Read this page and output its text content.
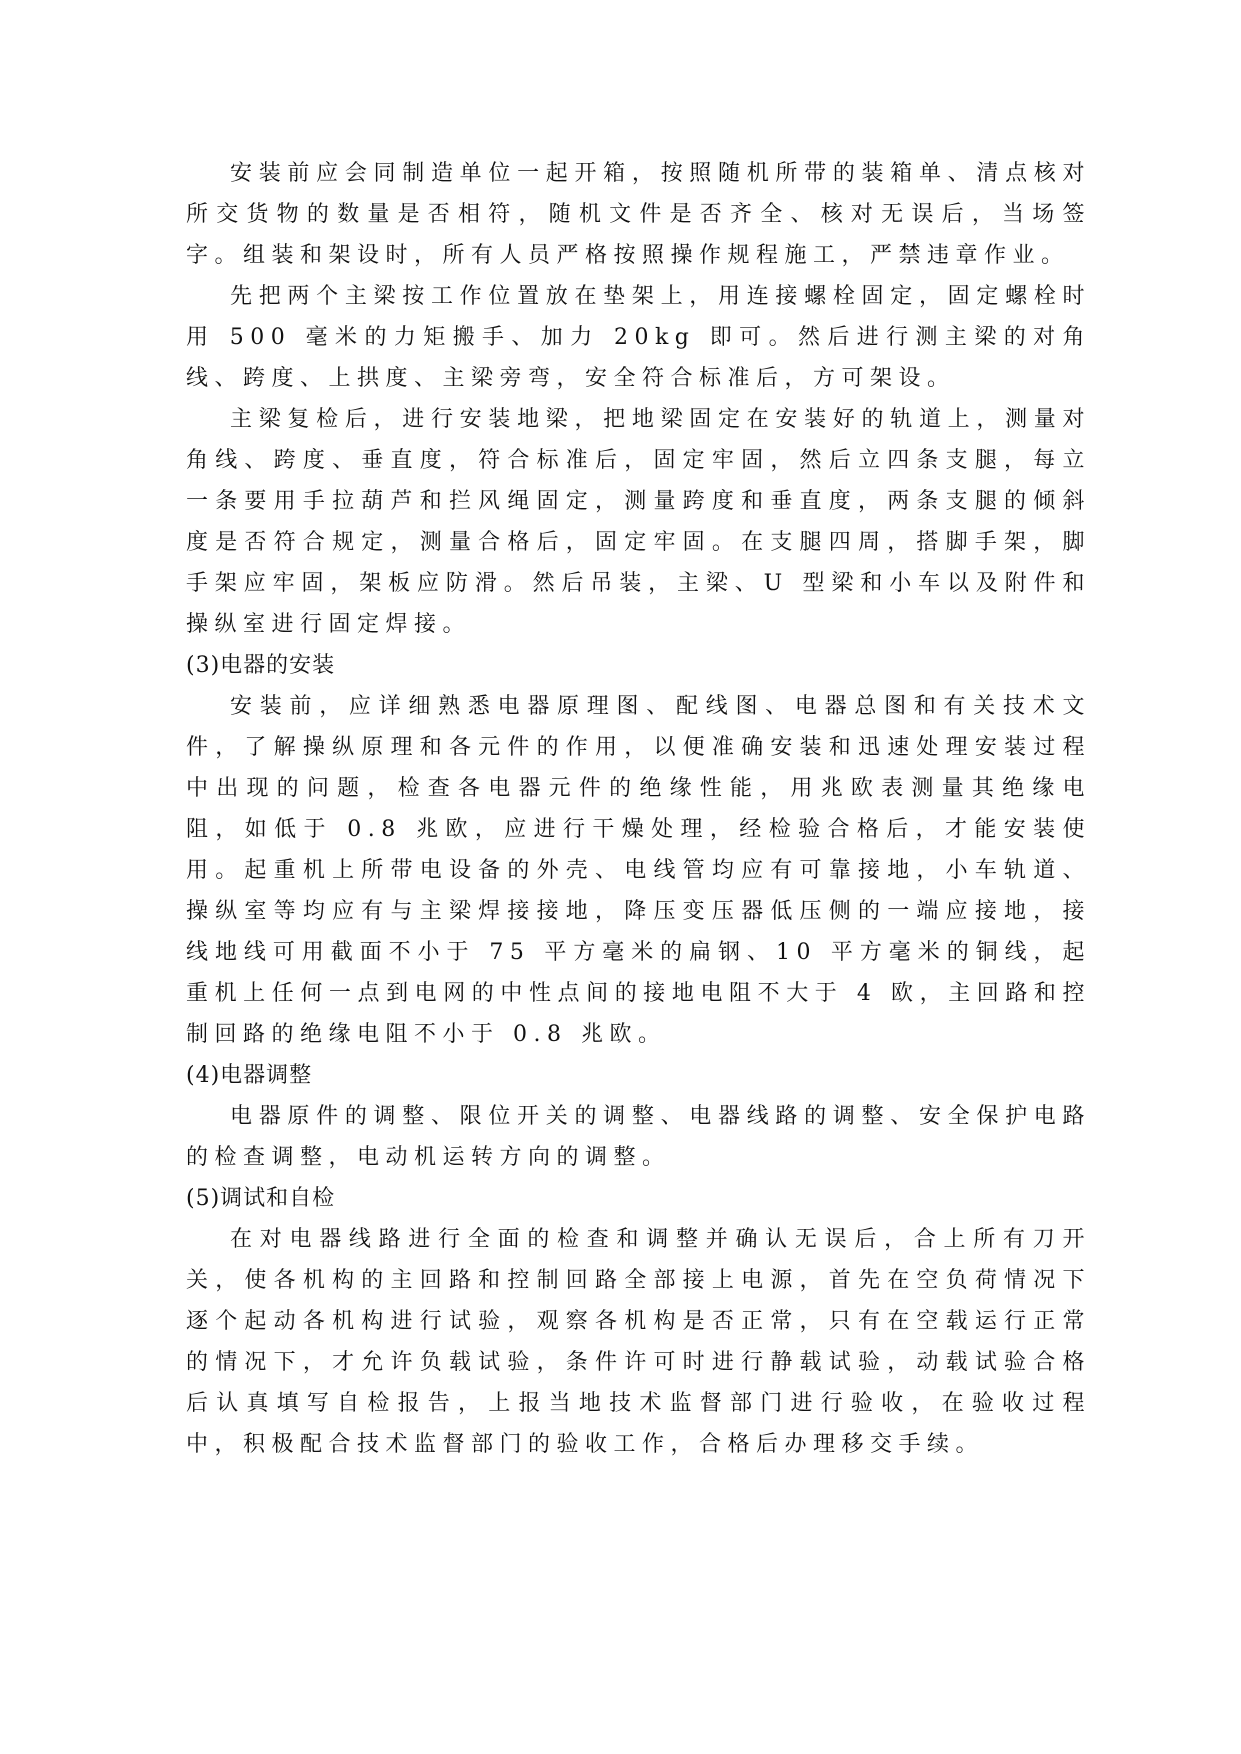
安装前应会同制造单位一起开箱，按照随机所带的装箱单、清点核对所交货物的数量是否相符，随机文件是否齐全、核对无误后，当场签字。组装和架设时，所有人员严格按照操作规程施工，严禁违章作业。

先把两个主梁按工作位置放在垫架上，用连接螺栓固定，固定螺栓时用 500 毫米的力矩搬手、加力 20kg 即可。然后进行测主梁的对角线、跨度、上拱度、主梁旁弯，安全符合标准后，方可架设。

主梁复检后，进行安装地梁，把地梁固定在安装好的轨道上，测量对角线、跨度、垂直度，符合标准后，固定牢固，然后立四条支腿，每立一条要用手拉葫芦和拦风绳固定，测量跨度和垂直度，两条支腿的倾斜度是否符合规定，测量合格后，固定牢固。在支腿四周，搭脚手架，脚手架应牢固，架板应防滑。然后吊装，主梁、U 型梁和小车以及附件和操纵室进行固定焊接。

(3)电器的安装

安装前，应详细熟悉电器原理图、配线图、电器总图和有关技术文件，了解操纵原理和各元件的作用，以便准确安装和迅速处理安装过程中出现的问题，检查各电器元件的绝缘性能，用兆欧表测量其绝缘电阻，如低于 0.8 兆欧，应进行干燥处理，经检验合格后，才能安装使用。起重机上所带电设备的外壳、电线管均应有可靠接地，小车轨道、操纵室等均应有与主梁焊接接地，降压变压器低压侧的一端应接地，接线地线可用截面不小于 75 平方毫米的扁钢、10 平方毫米的铜线，起重机上任何一点到电网的中性点间的接地电阻不大于 4 欧，主回路和控制回路的绝缘电阻不小于 0.8 兆欧。

(4)电器调整

电器原件的调整、限位开关的调整、电器线路的调整、安全保护电路的检查调整，电动机运转方向的调整。

(5)调试和自检

在对电器线路进行全面的检查和调整并确认无误后，合上所有刀开关，使各机构的主回路和控制回路全部接上电源，首先在空负荷情况下逐个起动各机构进行试验，观察各机构是否正常，只有在空载运行正常的情况下，才允许负载试验，条件许可时进行静载试验，动载试验合格后认真填写自检报告，上报当地技术监督部门进行验收，在验收过程中，积极配合技术监督部门的验收工作，合格后办理移交手续。
